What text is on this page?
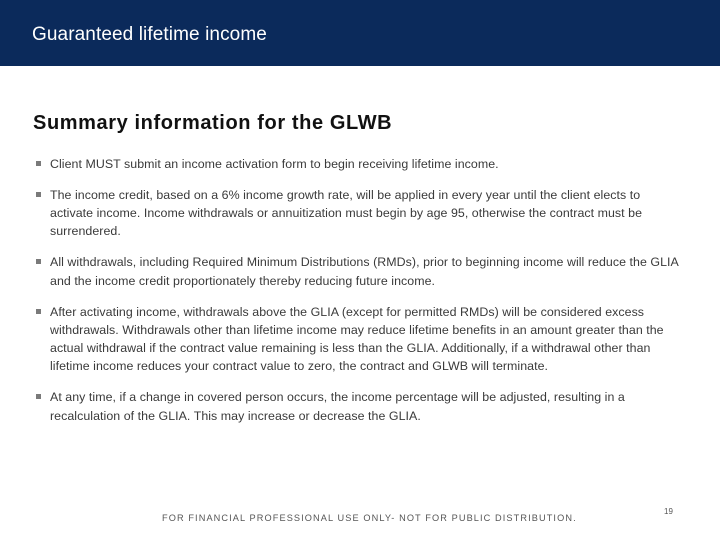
Guaranteed lifetime income
Summary information for the GLWB
Client MUST submit an income activation form to begin receiving lifetime income.
The income credit, based on a 6% income growth rate, will be applied in every year until the client elects to activate income. Income withdrawals or annuitization must begin by age 95, otherwise the contract must be surrendered.
All withdrawals, including Required Minimum Distributions (RMDs), prior to beginning income will reduce the GLIA and the income credit proportionately thereby reducing future income.
After activating income, withdrawals above the GLIA (except for permitted RMDs) will be considered excess withdrawals. Withdrawals other than lifetime income may reduce lifetime benefits in an amount greater than the actual withdrawal if the contract value remaining is less than the GLIA. Additionally, if a withdrawal other than lifetime income reduces your contract value to zero, the contract and GLWB will terminate.
At any time, if a change in covered person occurs, the income percentage will be adjusted, resulting in a recalculation of the GLIA. This may increase or decrease the GLIA.
FOR FINANCIAL PROFESSIONAL USE ONLY- NOT FOR PUBLIC DISTRIBUTION.
19
